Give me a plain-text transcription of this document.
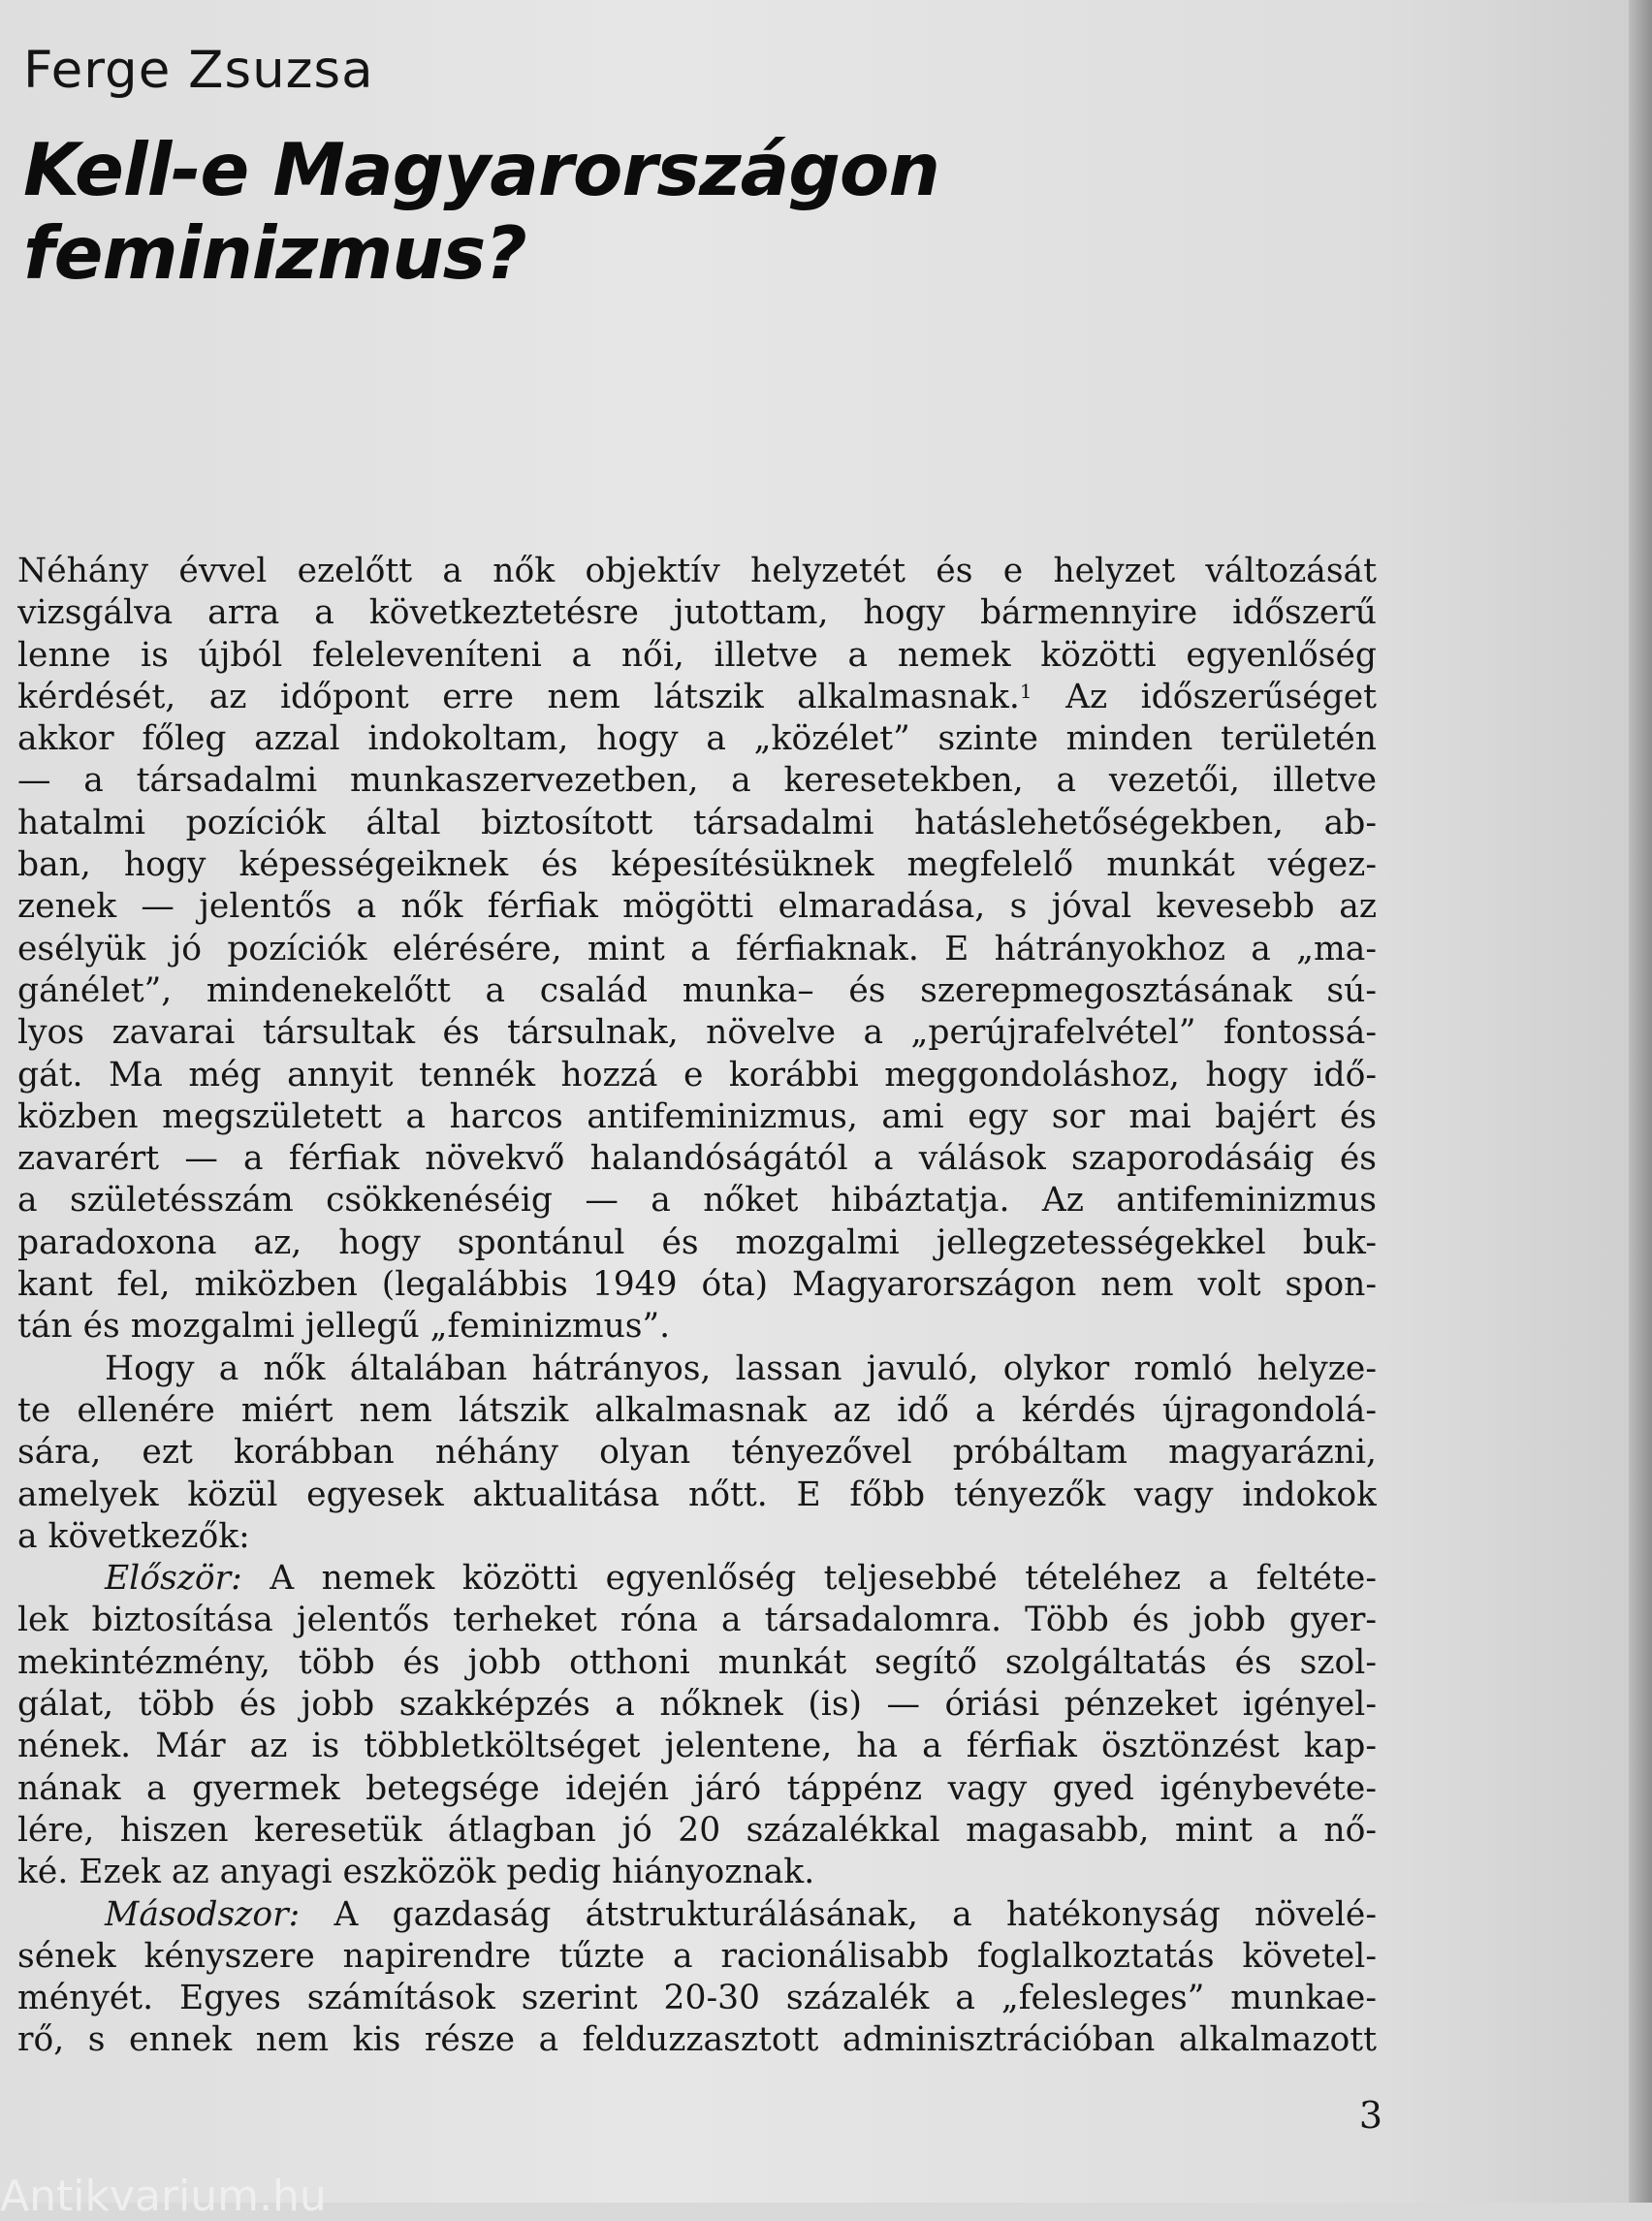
Ferge Zsuzsa
Kell-e Magyarországon
feminizmus?
Néhány évvel ezelőtt a nők objektív helyzetét és e helyzet változását
vizsgálva arra a következtetésre jutottam, hogy bármennyire időszerű
lenne is újból feleleveníteni a női, illetve a nemek közötti egyenlőség
kérdését, az időpont erre nem látszik alkalmasnak.$^1$ Az időszerűséget
akkor főleg azzal indokoltam, hogy a „közélet” szinte minden területén
— a társadalmi munkaszervezetben, a keresetekben, a vezetői, illetve
hatalmi pozíciók által biztosított társadalmi hatáslehetőségekben, ab-
ban, hogy képességeiknek és képesítésüknek megfelelő munkát végez-
zenek — jelentős a nők férfiak mögötti elmaradása, s jóval kevesebb az
esélyük jó pozíciók elérésére, mint a férfiaknak. E hátrányokhoz a „ma-
gánélet”, mindenekelőtt a család munka– és szerepmegosztásának sú-
lyos zavarai társultak és társulnak, növelve a „perújrafelvétel” fontossá-
gát. Ma még annyit tennék hozzá e korábbi meggondoláshoz, hogy idő-
közben megszületett a harcos antifeminizmus, ami egy sor mai bajért és
zavarért — a férfiak növekvő halandóságától a válások szaporodásáig és
a születésszám csökkenéséig — a nőket hibáztatja. Az antifeminizmus
paradoxona az, hogy spontánul és mozgalmi jellegzetességekkel buk-
kant fel, miközben (legalábbis 1949 óta) Magyarországon nem volt spon-
tán és mozgalmi jellegű „feminizmus”.
Hogy a nők általában hátrányos, lassan javuló, olykor romló helyze-
te ellenére miért nem látszik alkalmasnak az idő a kérdés újragondolá-
sára, ezt korábban néhány olyan tényezővel próbáltam magyarázni,
amelyek közül egyesek aktualitása nőtt. E főbb tényezők vagy indokok
a következők:
Először: A nemek közötti egyenlőség teljesebbé tételéhez a feltéte-
lek biztosítása jelentős terheket róna a társadalomra. Több és jobb gyer-
mekintézmény, több és jobb otthoni munkát segítő szolgáltatás és szol-
gálat, több és jobb szakképzés a nőknek (is) — óriási pénzeket igényel-
nének. Már az is többletköltséget jelentene, ha a férfiak ösztönzést kap-
nának a gyermek betegsége idején járó táppénz vagy gyed igénybevéte-
lére, hiszen keresetük átlagban jó 20 százalékkal magasabb, mint a nő-
ké. Ezek az anyagi eszközök pedig hiányoznak.
Másodszor: A gazdaság átstrukturálásának, a hatékonyság növelé-
sének kényszere napirendre tűzte a racionálisabb foglalkoztatás követel-
ményét. Egyes számítások szerint 20-30 százalék a „felesleges” munkae-
rő, s ennek nem kis része a felduzzasztott adminisztrációban alkalmazott
3
Antikvarium.hu
